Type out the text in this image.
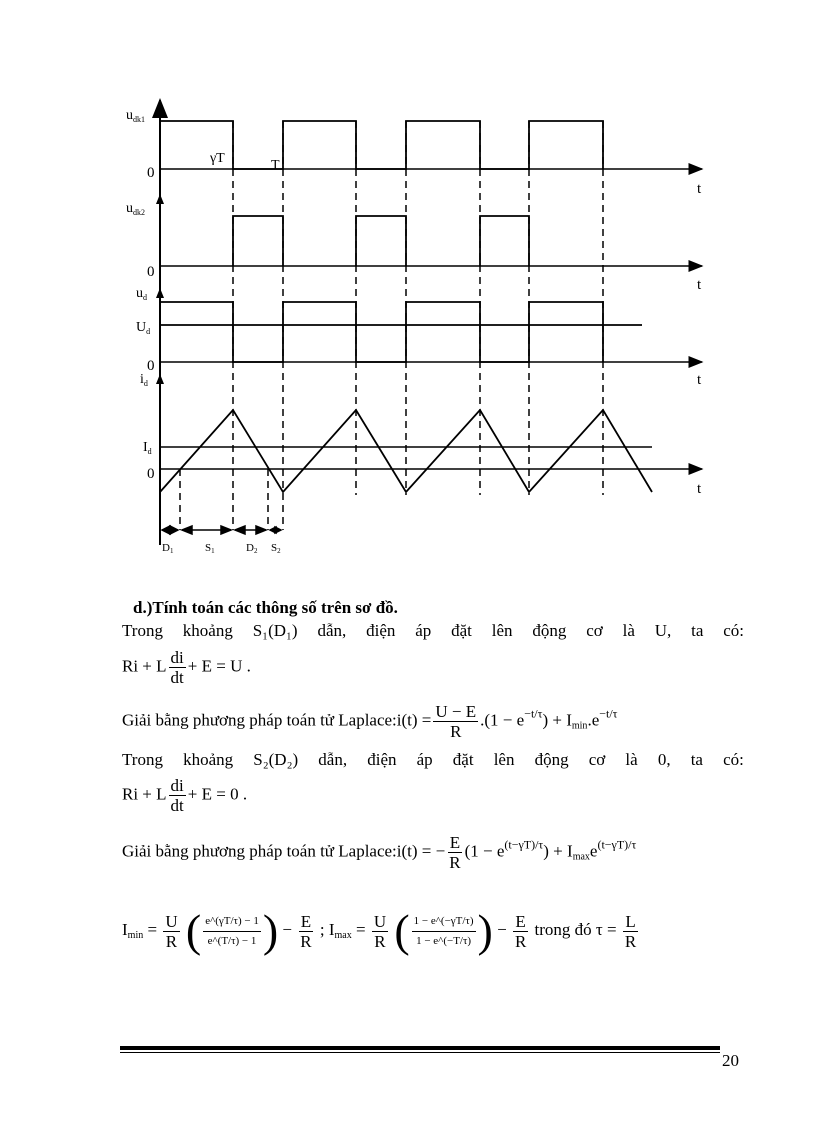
$u_{dk1}$
0
γT	T
t
$u_{dk2}$
0
t
$u_d$
$U_d$
0
t
$i_d$
$I_d$
0
t
D1	S1	D2 S2
d.)Tính toán các thông số trên sơ đồ.
Trong khoảng S₁(D₁) dẫn, điện áp đặt lên động cơ là U, ta có:
Ri + L $\frac{di}{dt} + E = U$ .
Giải bằng phương pháp toán tử Laplace:i(t) = $\frac{U - E}{R} .(1 - e^{-t/\tau}) + I_{min}.e^{-t/\tau}$
Trong khoảng S₂(D₂) dẫn, điện áp đặt lên động cơ là 0, ta có:
Ri + L $\frac{di}{dt} + E = 0$ .
Giải bằng phương pháp toán tử Laplace:i(t) = − $\frac{E}{R} (1 - e^{(t-\gamma T)/\tau}) + I_{max}e^{(t-\gamma T)/\tau}$
$I_{min} = \frac{U}{R}$ ( $\frac{e\^{}(\gamma T/\tau) - 1}{e\^{}(T/\tau) - 1}$ ) − $\frac{E}{R}$ ; $I_{max} = \frac{U}{R}$ ( $\frac{1 - e\^{}(-\gamma T/\tau)}{1 - e\^{}(-T/\tau)}$ ) − $\frac{E}{R}$ trong đó $\tau = \frac{L}{R}$
20
